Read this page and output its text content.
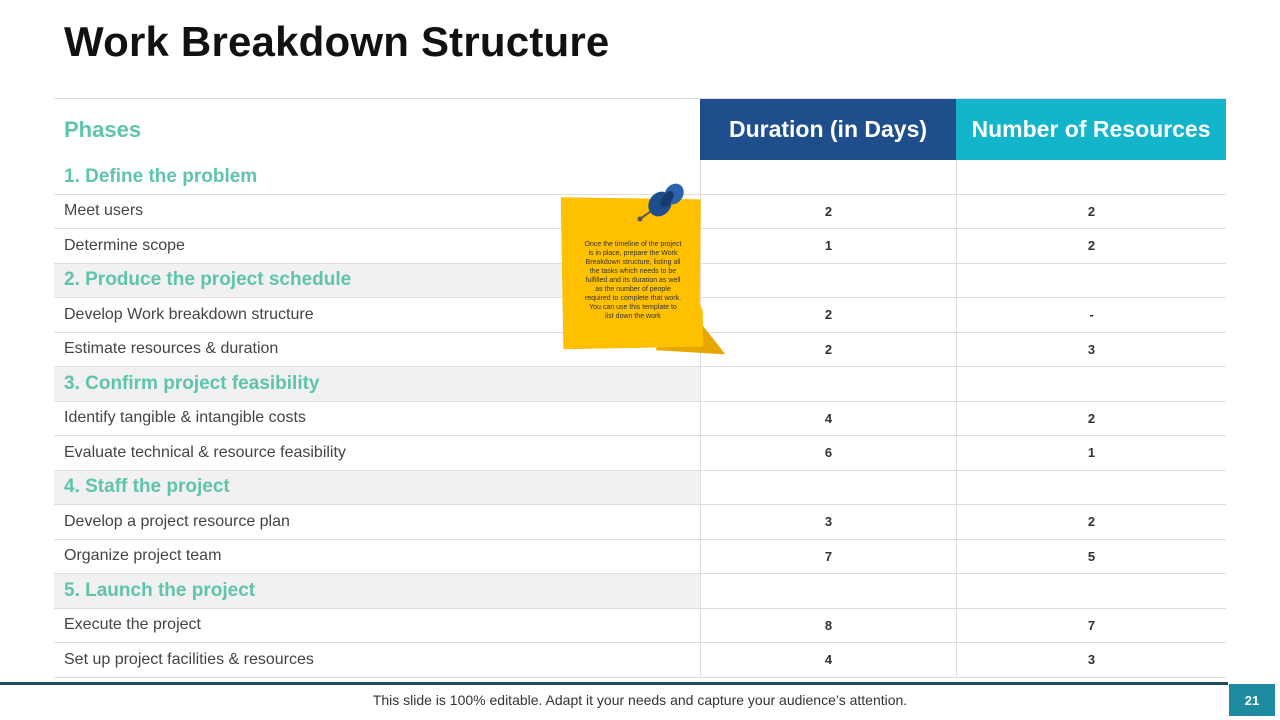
Work Breakdown Structure
Phases	Duration (in Days)	Number of Resources
1. Define the problem
Meet users	2	2
Determine scope	1	2
2. Produce the project schedule
Develop Work breakdown structure	2	-
Estimate resources & duration	2	3
3. Confirm project feasibility
Identify tangible & intangible costs	4	2
Evaluate technical & resource feasibility	6	1
4. Staff the project
Develop a project resource plan	3	2
Organize project team	7	5
5. Launch the project
Execute the project	8	7
Set up project facilities & resources	4	3
Once the timeline of the project is in place, prepare the Work Breakdown structure, listing all the tasks which needs to be fulfilled and its duration as well as the number of people required to complete that work. You can use this template to list down the work
This slide is 100% editable. Adapt it your needs and capture your audience’s attention.	21
